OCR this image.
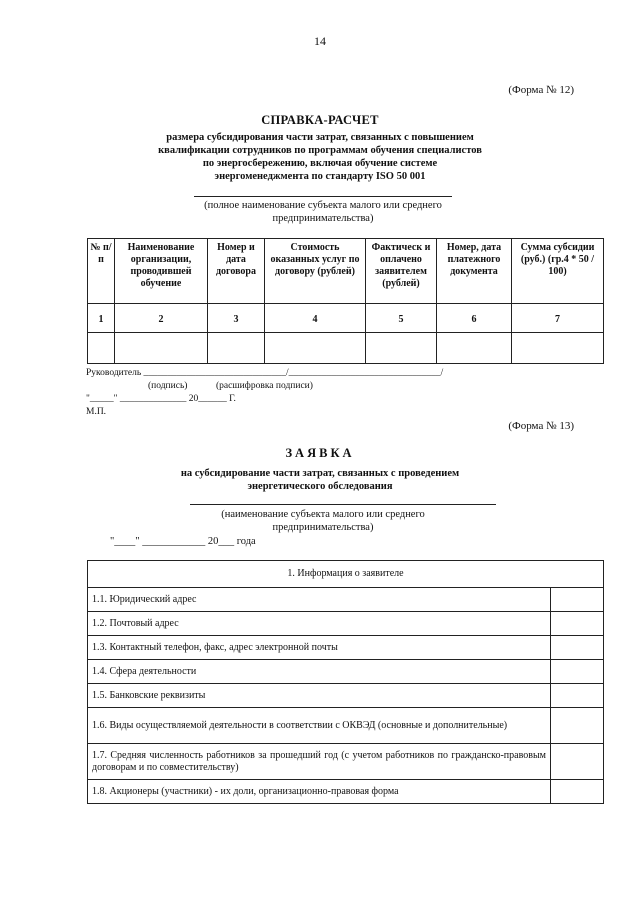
14
(Форма № 12)
СПРАВКА-РАСЧЕТ
размера субсидирования части затрат, связанных с повышением
квалификации сотрудников по программам обучения специалистов
по энергосбережению, включая обучение системе
энергоменеджмента по стандарту ISO 50 001
(полное наименование субъекта малого или среднего
предпринимательства)
№ п/п	Наименование организации, проводившей обучение	Номер и дата договора	Стоимость оказанных услуг по договору (рублей)	Фактическ и оплачено заявителем (рублей)	Номер, дата платежного документа	Сумма субсидии (руб.) (гр.4 * 50 / 100)
1	2	3	4	5	6	7

Руководитель ______________________________/________________________________/
(подпись)            (расшифровка подписи)
"_____" ______________ 20______ Г.
М.П.
(Форма № 13)
ЗАЯВКА
на субсидирование части затрат, связанных с проведением
энергетического обследования
(наименование субъекта малого или среднего
предпринимательства)
"____" ____________ 20___ года
1. Информация о заявителе	
1.1. Юридический адрес	
1.2. Почтовый адрес	
1.3. Контактный телефон, факс, адрес электронной почты	
1.4. Сфера деятельности	
1.5. Банковские реквизиты	
1.6. Виды осуществляемой деятельности в соответствии с ОКВЭД (основные и дополнительные)	
1.7. Средняя численность работников за прошедший год (с учетом работников по гражданско-правовым договорам и по совместительству)	
1.8. Акционеры (участники) - их доли, организационно-правовая форма	
